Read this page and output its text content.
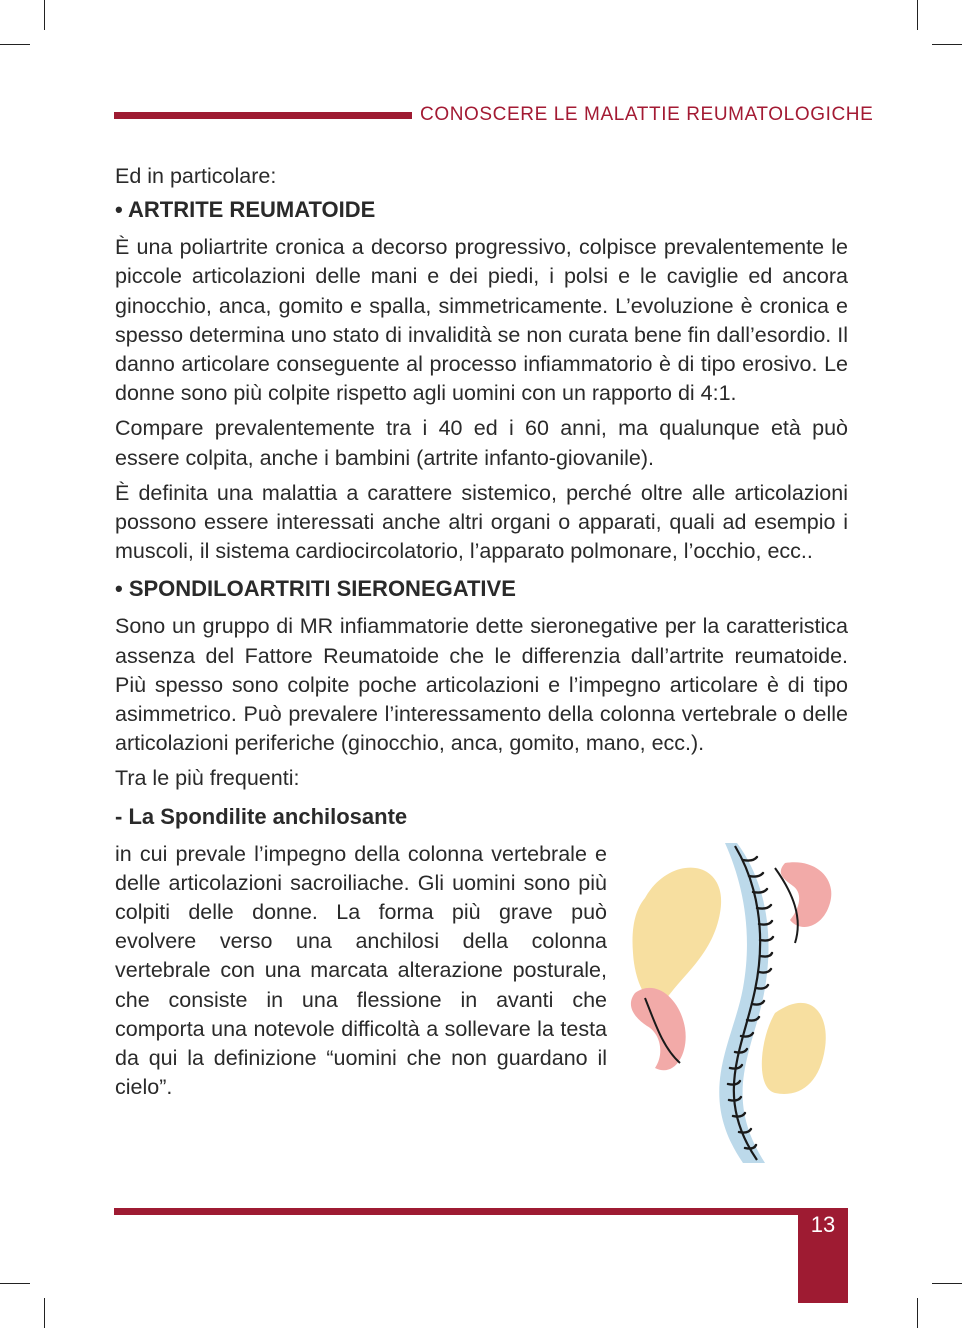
CONOSCERE LE MALATTIE REUMATOLOGICHE

Ed in particolare:

• ARTRITE REUMATOIDE

È una poliartrite cronica a decorso progressivo, colpisce prevalentemente le piccole articolazioni delle mani e dei piedi, i polsi e le caviglie ed ancora ginocchio, anca, gomito e spalla, simmetricamente. L’evoluzione è cronica e spesso determina uno stato di invalidità se non curata bene fin dall’esordio. Il danno articolare conseguente al processo infiammatorio è di tipo erosivo. Le donne sono più colpite rispetto agli uomini con un rapporto di 4:1.

Compare prevalentemente tra i 40 ed i 60 anni, ma qualunque età può essere colpita, anche i bambini (artrite infanto-giovanile).

È definita una malattia a carattere sistemico, perché oltre alle articolazioni possono essere interessati anche altri organi o apparati, quali ad esempio i muscoli, il sistema cardiocircolatorio, l’apparato polmonare, l’occhio, ecc..

• SPONDILOARTRITI SIERONEGATIVE

Sono un gruppo di MR infiammatorie dette sieronegative per la caratteristica assenza del Fattore Reumatoide che le differenzia dall’artrite reumatoide. Più spesso sono colpite poche articolazioni e l’impegno articolare è di tipo asimmetrico. Può prevalere l’interessamento della colonna vertebrale o delle articolazioni periferiche (ginocchio, anca, gomito, mano, ecc.).

Tra le più frequenti:

- La Spondilite anchilosante

in cui prevale l’impegno della colonna vertebrale e delle articolazioni sacroiliache. Gli uomini sono più colpiti delle donne. La forma più grave può evolvere verso una anchilosi della colonna vertebrale con una marcata alterazione posturale, che consiste in una flessione in avanti che comporta una notevole difficoltà a sollevare la testa da qui la definizione “uomini che non guardano il cielo”.

13
